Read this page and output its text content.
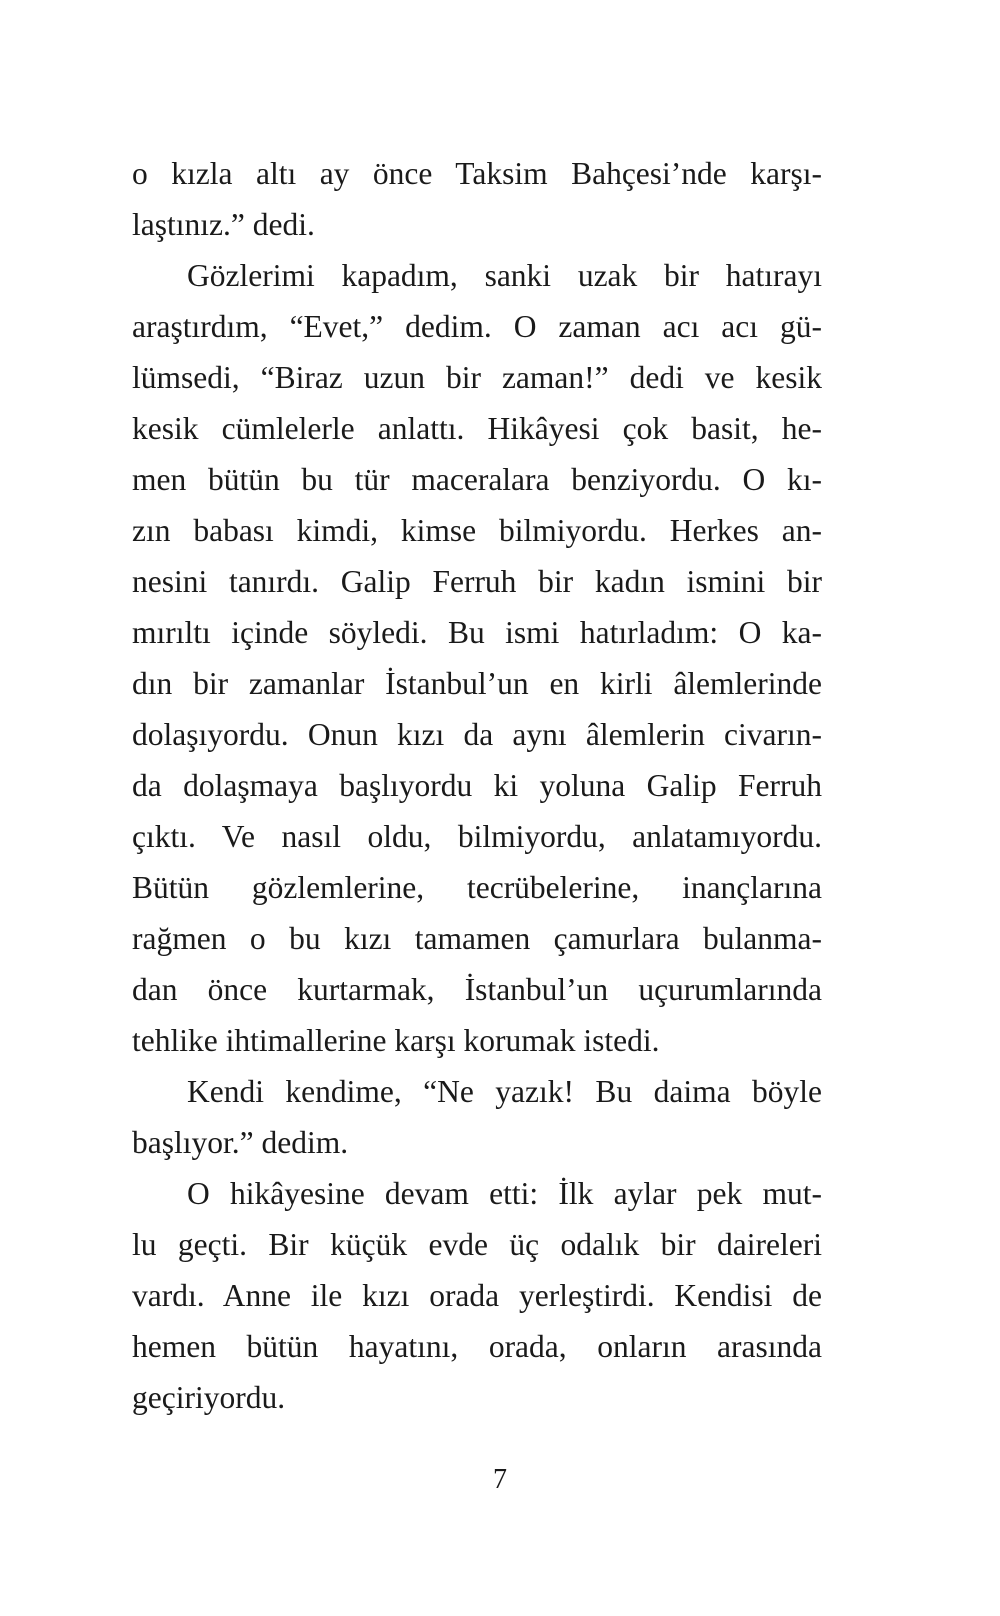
o kızla altı ay önce Taksim Bahçesi’nde karşı-
laştınız.” dedi.
Gözlerimi kapadım, sanki uzak bir hatırayı
araştırdım, “Evet,” dedim. O zaman acı acı gü-
lümsedi, “Biraz uzun bir zaman!” dedi ve kesik
kesik cümlelerle anlattı. Hikâyesi çok basit, he-
men bütün bu tür maceralara benziyordu. O kı-
zın babası kimdi, kimse bilmiyordu. Herkes an-
nesini tanırdı. Galip Ferruh bir kadın ismini bir
mırıltı içinde söyledi. Bu ismi hatırladım: O ka-
dın bir zamanlar İstanbul’un en kirli âlemlerinde
dolaşıyordu. Onun kızı da aynı âlemlerin civarın-
da dolaşmaya başlıyordu ki yoluna Galip Ferruh
çıktı. Ve nasıl oldu, bilmiyordu, anlatamıyordu.
Bütün gözlemlerine, tecrübelerine, inançlarına
rağmen o bu kızı tamamen çamurlara bulanma-
dan önce kurtarmak, İstanbul’un uçurumlarında
tehlike ihtimallerine karşı korumak istedi.
Kendi kendime, “Ne yazık! Bu daima böyle
başlıyor.” dedim.
O hikâyesine devam etti: İlk aylar pek mut-
lu geçti. Bir küçük evde üç odalık bir daireleri
vardı. Anne ile kızı orada yerleştirdi. Kendisi de
hemen bütün hayatını, orada, onların arasında
geçiriyordu.
7
